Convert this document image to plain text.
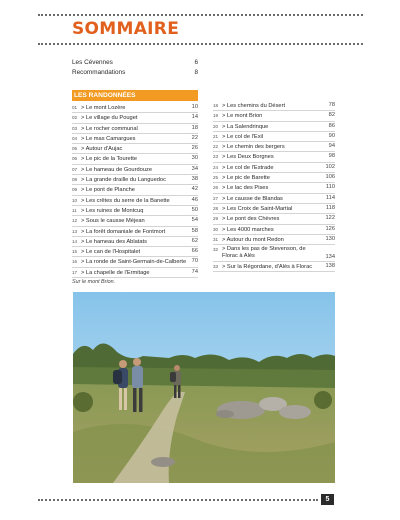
SOMMAIRE
Les Cévennes	6
Recommandations	8
LES RANDONNÉES
01 > Le mont Lozère	10
02 > Le village du Pouget	14
03 > Le rocher communal	18
04 > Le mas Camargues	22
05 > Autour d'Aujac	26
06 > Le pic de la Tourette	30
07 > Le hameau de Gourdouze	34
08 > La grande draille du Languedoc	38
09 > Le pont de Planche	42
10 > Les crêtes du serre de la Banette	46
11 > Les ruines de Montcuq	50
12 > Sous le causse Méjean	54
13 > La forêt domaniale de Fontmort	58
14 > Le hameau des Ablatats	62
15 > Le can de l'Hospitalet	66
16 > La ronde de Saint-Germain-de-Calberte 70
17 > La chapelle de l'Ermitage	74
18 > Les chemins du Désert	78
19 > Le mont Brion	82
20 > La Salendrinque	86
21 > Le col de l'Exil	90
22 > Le chemin des bergers	94
23 > Les Deux Borgnes	98
24 > Le col de l'Estrade	102
25 > Le pic de Barette	106
26 > Le lac des Pises	110
27 > Le causse de Blandas	114
28 > Les Croix de Saint-Martial	118
29 > Le pont des Chèvres	122
30 > Les 4000 marches	126
31 > Autour du mont Redon	130
32 > Dans les pas de Stevenson, de Florac à Alès	134
33 > Sur la Régordane, d'Alès à Florac 138
Sur le mont Brion.
5
